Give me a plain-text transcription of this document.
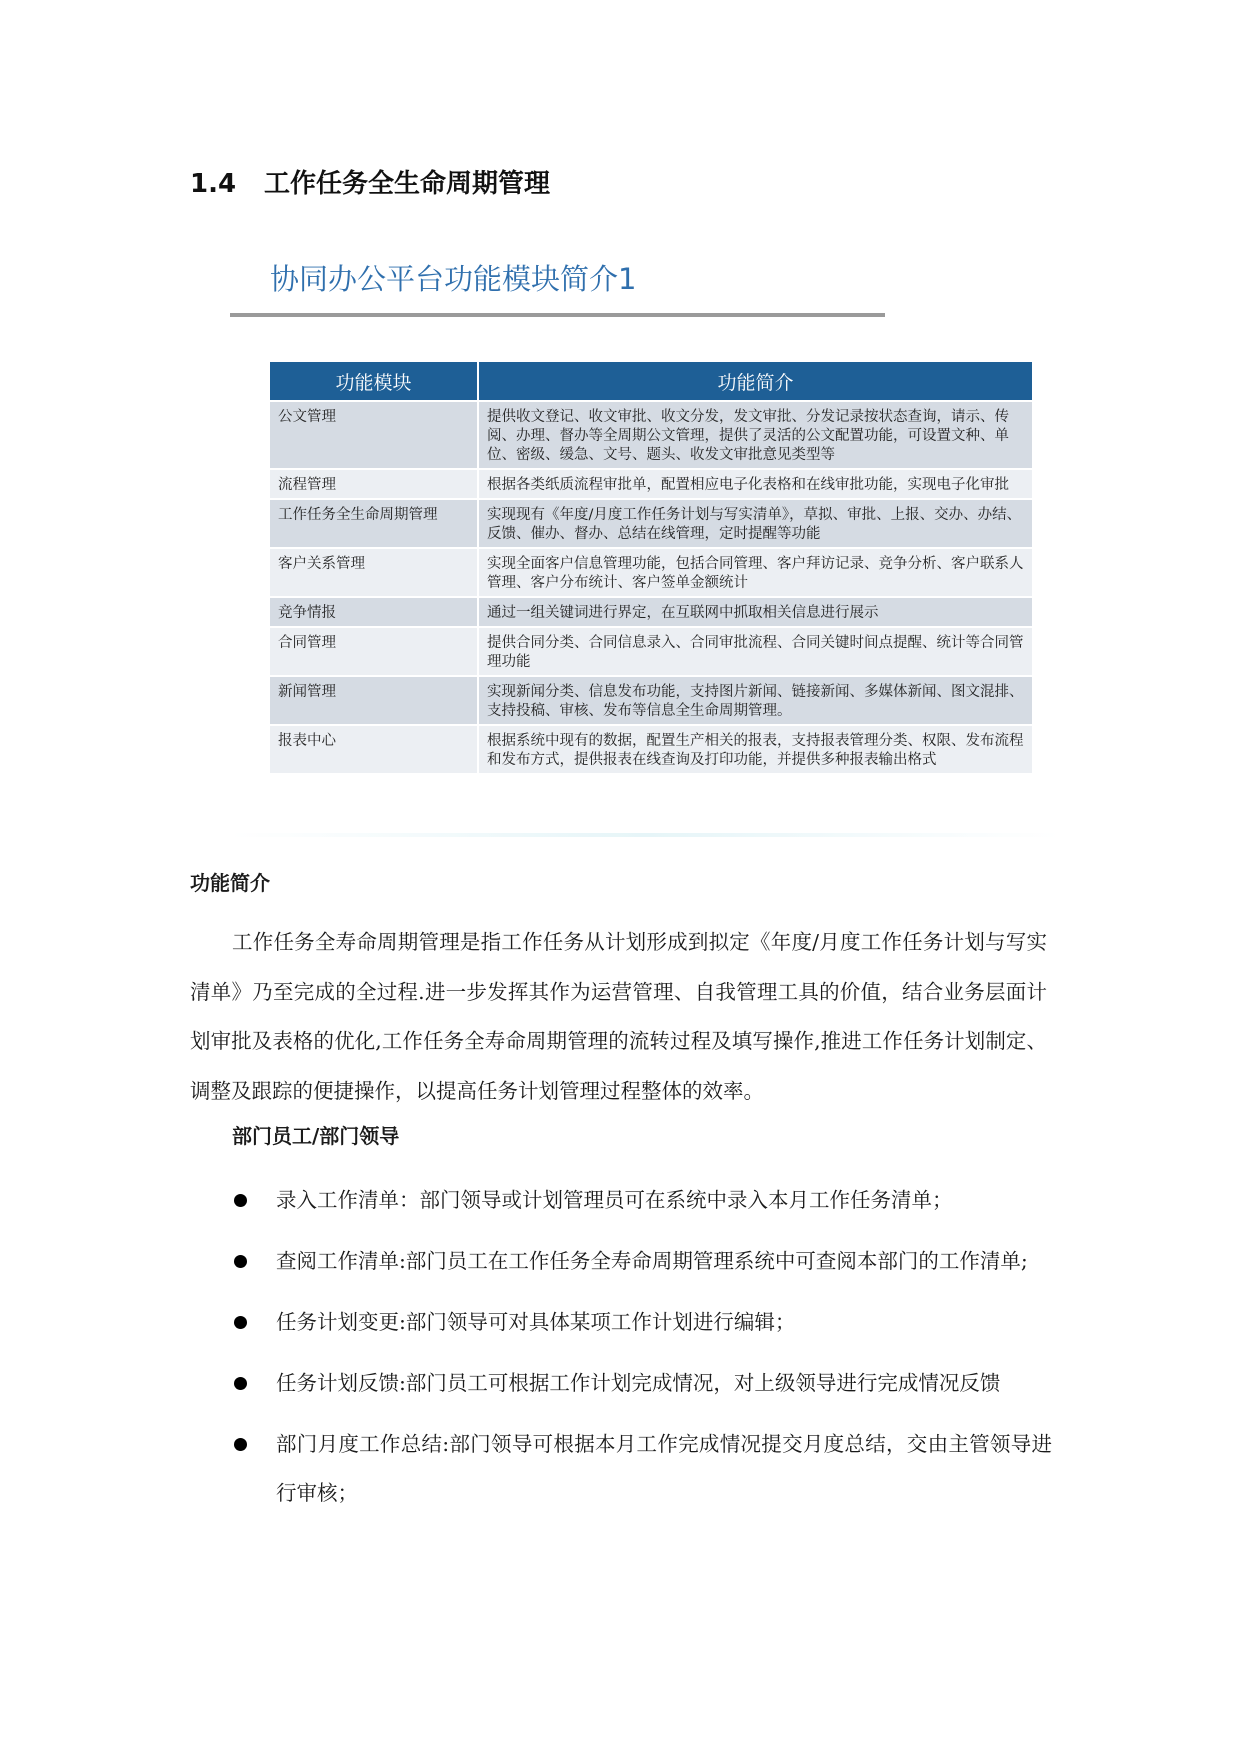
1.4 工作任务全生命周期管理
协同办公平台功能模块简介1
功能模块	功能简介
公文管理	提供收文登记、收文审批、收文分发，发文审批、分发记录按状态查询，请示、传阅、办理、督办等全周期公文管理，提供了灵活的公文配置功能，可设置文种、单位、密级、缓急、文号、题头、收发文审批意见类型等
流程管理	根据各类纸质流程审批单，配置相应电子化表格和在线审批功能，实现电子化审批
工作任务全生命周期管理	实现现有《年度/月度工作任务计划与写实清单》，草拟、审批、上报、交办、办结、反馈、催办、督办、总结在线管理，定时提醒等功能
客户关系管理	实现全面客户信息管理功能，包括合同管理、客户拜访记录、竞争分析、客户联系人管理、客户分布统计、客户签单金额统计
竞争情报	通过一组关键词进行界定，在互联网中抓取相关信息进行展示
合同管理	提供合同分类、合同信息录入、合同审批流程、合同关键时间点提醒、统计等合同管理功能
新闻管理	实现新闻分类、信息发布功能，支持图片新闻、链接新闻、多媒体新闻、图文混排、支持投稿、审核、发布等信息全生命周期管理。
报表中心	根据系统中现有的数据，配置生产相关的报表，支持报表管理分类、权限、发布流程和发布方式，提供报表在线查询及打印功能，并提供多种报表输出格式
功能简介

工作任务全寿命周期管理是指工作任务从计划形成到拟定《年度/月度工作任务计划与写实清单》乃至完成的全过程.进一步发挥其作为运营管理、自我管理工具的价值，结合业务层面计划审批及表格的优化,工作任务全寿命周期管理的流转过程及填写操作,推进工作任务计划制定、调整及跟踪的便捷操作，以提高任务计划管理过程整体的效率。

部门员工/部门领导
录入工作清单：部门领导或计划管理员可在系统中录入本月工作任务清单；
查阅工作清单:部门员工在工作任务全寿命周期管理系统中可查阅本部门的工作清单;
任务计划变更:部门领导可对具体某项工作计划进行编辑；
任务计划反馈:部门员工可根据工作计划完成情况，对上级领导进行完成情况反馈
部门月度工作总结:部门领导可根据本月工作完成情况提交月度总结，交由主管领导进行审核；
